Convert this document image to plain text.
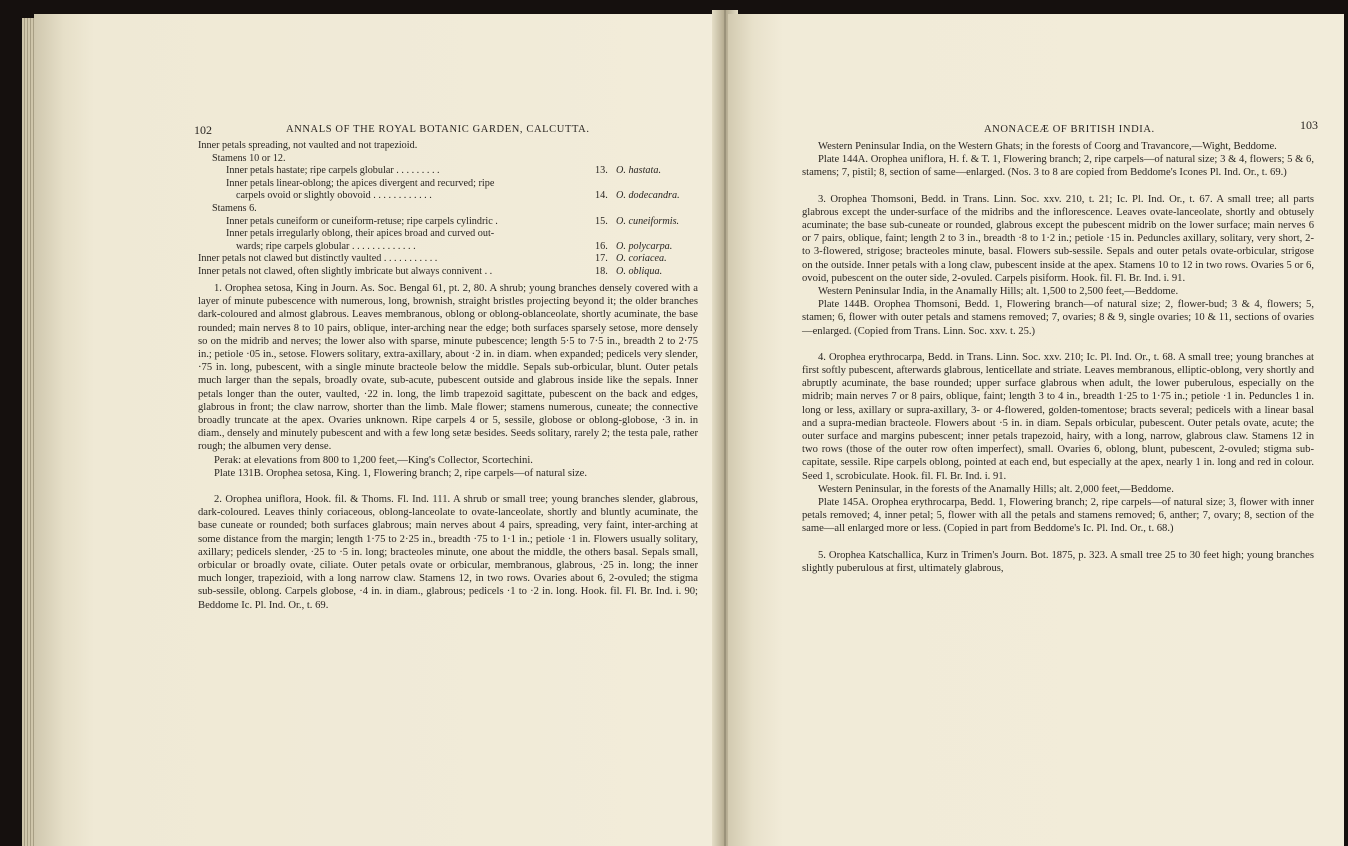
102	ANNALS OF THE ROYAL BOTANIC GARDEN, CALCUTTA.
Inner petals spreading, not vaulted and not trapezioid.
Stamens 10 or 12.
Inner petals hastate; ripe carpels globular . . . . . . . . .	13. O. hastata.
Inner petals linear-oblong; the apices divergent and recurved; ripe
carpels ovoid or slightly obovoid . . . . . . . . . . . .	14. O. dodecandra.
Stamens 6.
Inner petals cuneiform or cuneiform-retuse; ripe carpels cylindric .	15. O. cuneiformis.
Inner petals irregularly oblong, their apices broad and curved out-
wards; ripe carpels globular . . . . . . . . . . . . .	16. O. polycarpa.
Inner petals not clawed but distinctly vaulted . . . . . . . . . . .	17. O. coriacea.
Inner petals not clawed, often slightly imbricate but always connivent . .	18. O. obliqua.

1. Orophea setosa, King in Journ. As. Soc. Bengal 61, pt. 2, 80. A shrub; young branches densely covered with a layer of minute pubescence with numerous, long, brownish, straight bristles projecting beyond it; the older branches dark-coloured and almost glabrous. Leaves membranous, oblong or oblong-oblanceolate, shortly acuminate, the base rounded; main nerves 8 to 10 pairs, oblique, inter-arching near the edge; both surfaces sparsely setose, more densely so on the midrib and nerves; the lower also with sparse, minute pubescence; length 5·5 to 7·5 in., breadth 2 to 2·75 in.; petiole ·05 in., setose. Flowers solitary, extra-axillary, about ·2 in. in diam. when expanded; pedicels very slender, ·75 in. long, pubescent, with a single minute bracteole below the middle. Sepals sub-orbicular, blunt. Outer petals much larger than the sepals, broadly ovate, sub-acute, pubescent outside and glabrous inside like the sepals. Inner petals longer than the outer, vaulted, ·22 in. long, the limb trapezoid sagittate, pubescent on the back and edges, glabrous in front; the claw narrow, shorter than the limb. Male flower; stamens numerous, cuneate; the connective broadly truncate at the apex. Ovaries unknown. Ripe carpels 4 or 5, sessile, globose or oblong-globose, ·3 in. in diam., densely and minutely pubescent and with a few long setæ besides. Seeds solitary, rarely 2; the testa pale, rather rough; the albumen very dense.

Perak: at elevations from 800 to 1,200 feet,—King's Collector, Scortechini.

Plate 131B. Orophea setosa, King. 1, Flowering branch; 2, ripe carpels—of natural size.

2. Orophea uniflora, Hook. fil. & Thoms. Fl. Ind. 111. A shrub or small tree; young branches slender, glabrous, dark-coloured. Leaves thinly coriaceous, oblong-lanceolate to ovate-lanceolate, shortly and bluntly acuminate, the base cuneate or rounded; both surfaces glabrous; main nerves about 4 pairs, spreading, very faint, inter-arching at some distance from the margin; length 1·75 to 2·25 in., breadth ·75 to 1·1 in.; petiole ·1 in. Flowers usually solitary, axillary; pedicels slender, ·25 to ·5 in. long; bracteoles minute, one about the middle, the others basal. Sepals small, orbicular or broadly ovate, ciliate. Outer petals ovate or orbicular, membranous, glabrous, ·25 in. long; the inner much longer, trapezioid, with a long narrow claw. Stamens 12, in two rows. Ovaries about 6, 2-ovuled; the stigma sub-sessile, oblong. Carpels globose, ·4 in. in diam., glabrous; pedicels ·1 to ·2 in. long. Hook. fil. Fl. Br. Ind. i. 90; Beddome Ic. Pl. Ind. Or., t. 69.

ANONACEÆ OF BRITISH INDIA.	103

Western Peninsular India, on the Western Ghats; in the forests of Coorg and Travancore,—Wight, Beddome.

Plate 144A. Orophea uniflora, H. f. & T. 1, Flowering branch; 2, ripe carpels—of natural size; 3 & 4, flowers; 5 & 6, stamens; 7, pistil; 8, section of same—enlarged. (Nos. 3 to 8 are copied from Beddome's Icones Pl. Ind. Or., t. 69.)

3. Orophea Thomsoni, Bedd. in Trans. Linn. Soc. xxv. 210, t. 21; Ic. Pl. Ind. Or., t. 67. A small tree; all parts glabrous except the under-surface of the midribs and the inflorescence. Leaves ovate-lanceolate, shortly and obtusely acuminate; the base sub-cuneate or rounded, glabrous except the pubescent midrib on the lower surface; main nerves 6 or 7 pairs, oblique, faint; length 2 to 3 in., breadth ·8 to 1·2 in.; petiole ·15 in. Peduncles axillary, solitary, very short, 2- to 3-flowered, strigose; bracteoles minute, basal. Flowers sub-sessile. Sepals and outer petals ovate-orbicular, strigose on the outside. Inner petals with a long claw, pubescent inside at the apex. Stamens 10 to 12 in two rows. Ovaries 5 or 6, ovoid, pubescent on the outer side, 2-ovuled. Carpels pisiform. Hook. fil. Fl. Br. Ind. i. 91.

Western Peninsular India, in the Anamally Hills; alt. 1,500 to 2,500 feet,—Beddome.

Plate 144B. Orophea Thomsoni, Bedd. 1, Flowering branch—of natural size; 2, flower-bud; 3 & 4, flowers; 5, stamen; 6, flower with outer petals and stamens removed; 7, ovaries; 8 & 9, single ovaries; 10 & 11, sections of ovaries—enlarged. (Copied from Trans. Linn. Soc. xxv. t. 25.)

4. Orophea erythrocarpa, Bedd. in Trans. Linn. Soc. xxv. 210; Ic. Pl. Ind. Or., t. 68. A small tree; young branches at first softly pubescent, afterwards glabrous, lenticellate and striate. Leaves membranous, elliptic-oblong, very shortly and abruptly acuminate, the base rounded; upper surface glabrous when adult, the lower puberulous, especially on the midrib; main nerves 7 or 8 pairs, oblique, faint; length 3 to 4 in., breadth 1·25 to 1·75 in.; petiole ·1 in. Peduncles 1 in. long or less, axillary or supra-axillary, 3- or 4-flowered, golden-tomentose; bracts several; pedicels with a linear basal and a supra-median bracteole. Flowers about ·5 in. in diam. Sepals orbicular, pubescent. Outer petals ovate, acute; the outer surface and margins pubescent; inner petals trapezoid, hairy, with a long, narrow, glabrous claw. Stamens 12 in two rows (those of the outer row often imperfect), small. Ovaries 6, oblong, blunt, pubescent, 2-ovuled; stigma sub-capitate, sessile. Ripe carpels oblong, pointed at each end, but especially at the apex, nearly 1 in. long and red in colour. Seed 1, scrobiculate. Hook. fil. Fl. Br. Ind. i. 91.

Western Peninsular, in the forests of the Anamally Hills; alt. 2,000 feet,—Beddome.

Plate 145A. Orophea erythrocarpa, Bedd. 1, Flowering branch; 2, ripe carpels—of natural size; 3, flower with inner petals removed; 4, inner petal; 5, flower with all the petals and stamens removed; 6, anther; 7, ovary; 8, section of the same—all enlarged more or less. (Copied in part from Beddome's Ic. Pl. Ind. Or., t. 68.)

5. Orophea Katschallica, Kurz in Trimen's Journ. Bot. 1875, p. 323. A small tree 25 to 30 feet high; young branches slightly puberulous at first, ultimately glabrous,
